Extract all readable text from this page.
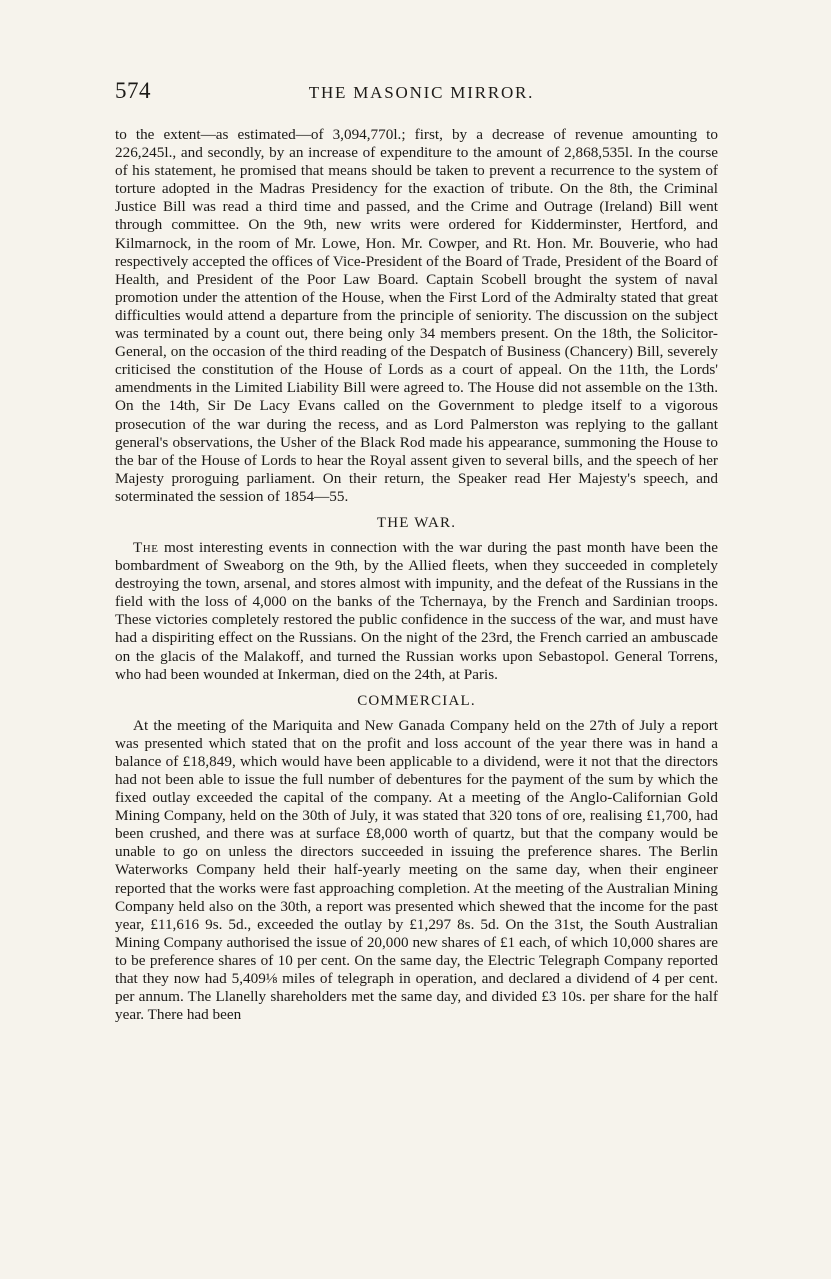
574	THE MASONIC MIRROR.

to the extent—as estimated—of 3,094,770l.; first, by a decrease of revenue amounting to 226,245l., and secondly, by an increase of expenditure to the amount of 2,868,535l. In the course of his statement, he promised that means should be taken to prevent a recurrence to the system of torture adopted in the Madras Presidency for the exaction of tribute. On the 8th, the Criminal Justice Bill was read a third time and passed, and the Crime and Outrage (Ireland) Bill went through committee. On the 9th, new writs were ordered for Kidderminster, Hertford, and Kilmarnock, in the room of Mr. Lowe, Hon. Mr. Cowper, and Rt. Hon. Mr. Bouverie, who had respectively accepted the offices of Vice-President of the Board of Trade, President of the Board of Health, and President of the Poor Law Board. Captain Scobell brought the system of naval promotion under the attention of the House, when the First Lord of the Admiralty stated that great difficulties would attend a departure from the principle of seniority. The discussion on the subject was terminated by a count out, there being only 34 members present. On the 18th, the Solicitor-General, on the occasion of the third reading of the Despatch of Business (Chancery) Bill, severely criticised the constitution of the House of Lords as a court of appeal. On the 11th, the Lords' amendments in the Limited Liability Bill were agreed to. The House did not assemble on the 13th. On the 14th, Sir De Lacy Evans called on the Government to pledge itself to a vigorous prosecution of the war during the recess, and as Lord Palmerston was replying to the gallant general's observations, the Usher of the Black Rod made his appearance, summoning the House to the bar of the House of Lords to hear the Royal assent given to several bills, and the speech of her Majesty proroguing parliament. On their return, the Speaker read Her Majesty's speech, and soterminated the session of 1854—55.

THE WAR.

The most interesting events in connection with the war during the past month have been the bombardment of Sweaborg on the 9th, by the Allied fleets, when they succeeded in completely destroying the town, arsenal, and stores almost with impunity, and the defeat of the Russians in the field with the loss of 4,000 on the banks of the Tchernaya, by the French and Sardinian troops. These victories completely restored the public confidence in the success of the war, and must have had a dispiriting effect on the Russians. On the night of the 23rd, the French carried an ambuscade on the glacis of the Malakoff, and turned the Russian works upon Sebastopol. General Torrens, who had been wounded at Inkerman, died on the 24th, at Paris.

COMMERCIAL.

At the meeting of the Mariquita and New Ganada Company held on the 27th of July a report was presented which stated that on the profit and loss account of the year there was in hand a balance of £18,849, which would have been applicable to a dividend, were it not that the directors had not been able to issue the full number of debentures for the payment of the sum by which the fixed outlay exceeded the capital of the company. At a meeting of the Anglo-Californian Gold Mining Company, held on the 30th of July, it was stated that 320 tons of ore, realising £1,700, had been crushed, and there was at surface £8,000 worth of quartz, but that the company would be unable to go on unless the directors succeeded in issuing the preference shares. The Berlin Waterworks Company held their half-yearly meeting on the same day, when their engineer reported that the works were fast approaching completion. At the meeting of the Australian Mining Company held also on the 30th, a report was presented which shewed that the income for the past year, £11,616 9s. 5d., exceeded the outlay by £1,297 8s. 5d. On the 31st, the South Australian Mining Company authorised the issue of 20,000 new shares of £1 each, of which 10,000 shares are to be preference shares of 10 per cent. On the same day, the Electric Telegraph Company reported that they now had 5,409⅛ miles of telegraph in operation, and declared a dividend of 4 per cent. per annum. The Llanelly shareholders met the same day, and divided £3 10s. per share for the half year. There had been
